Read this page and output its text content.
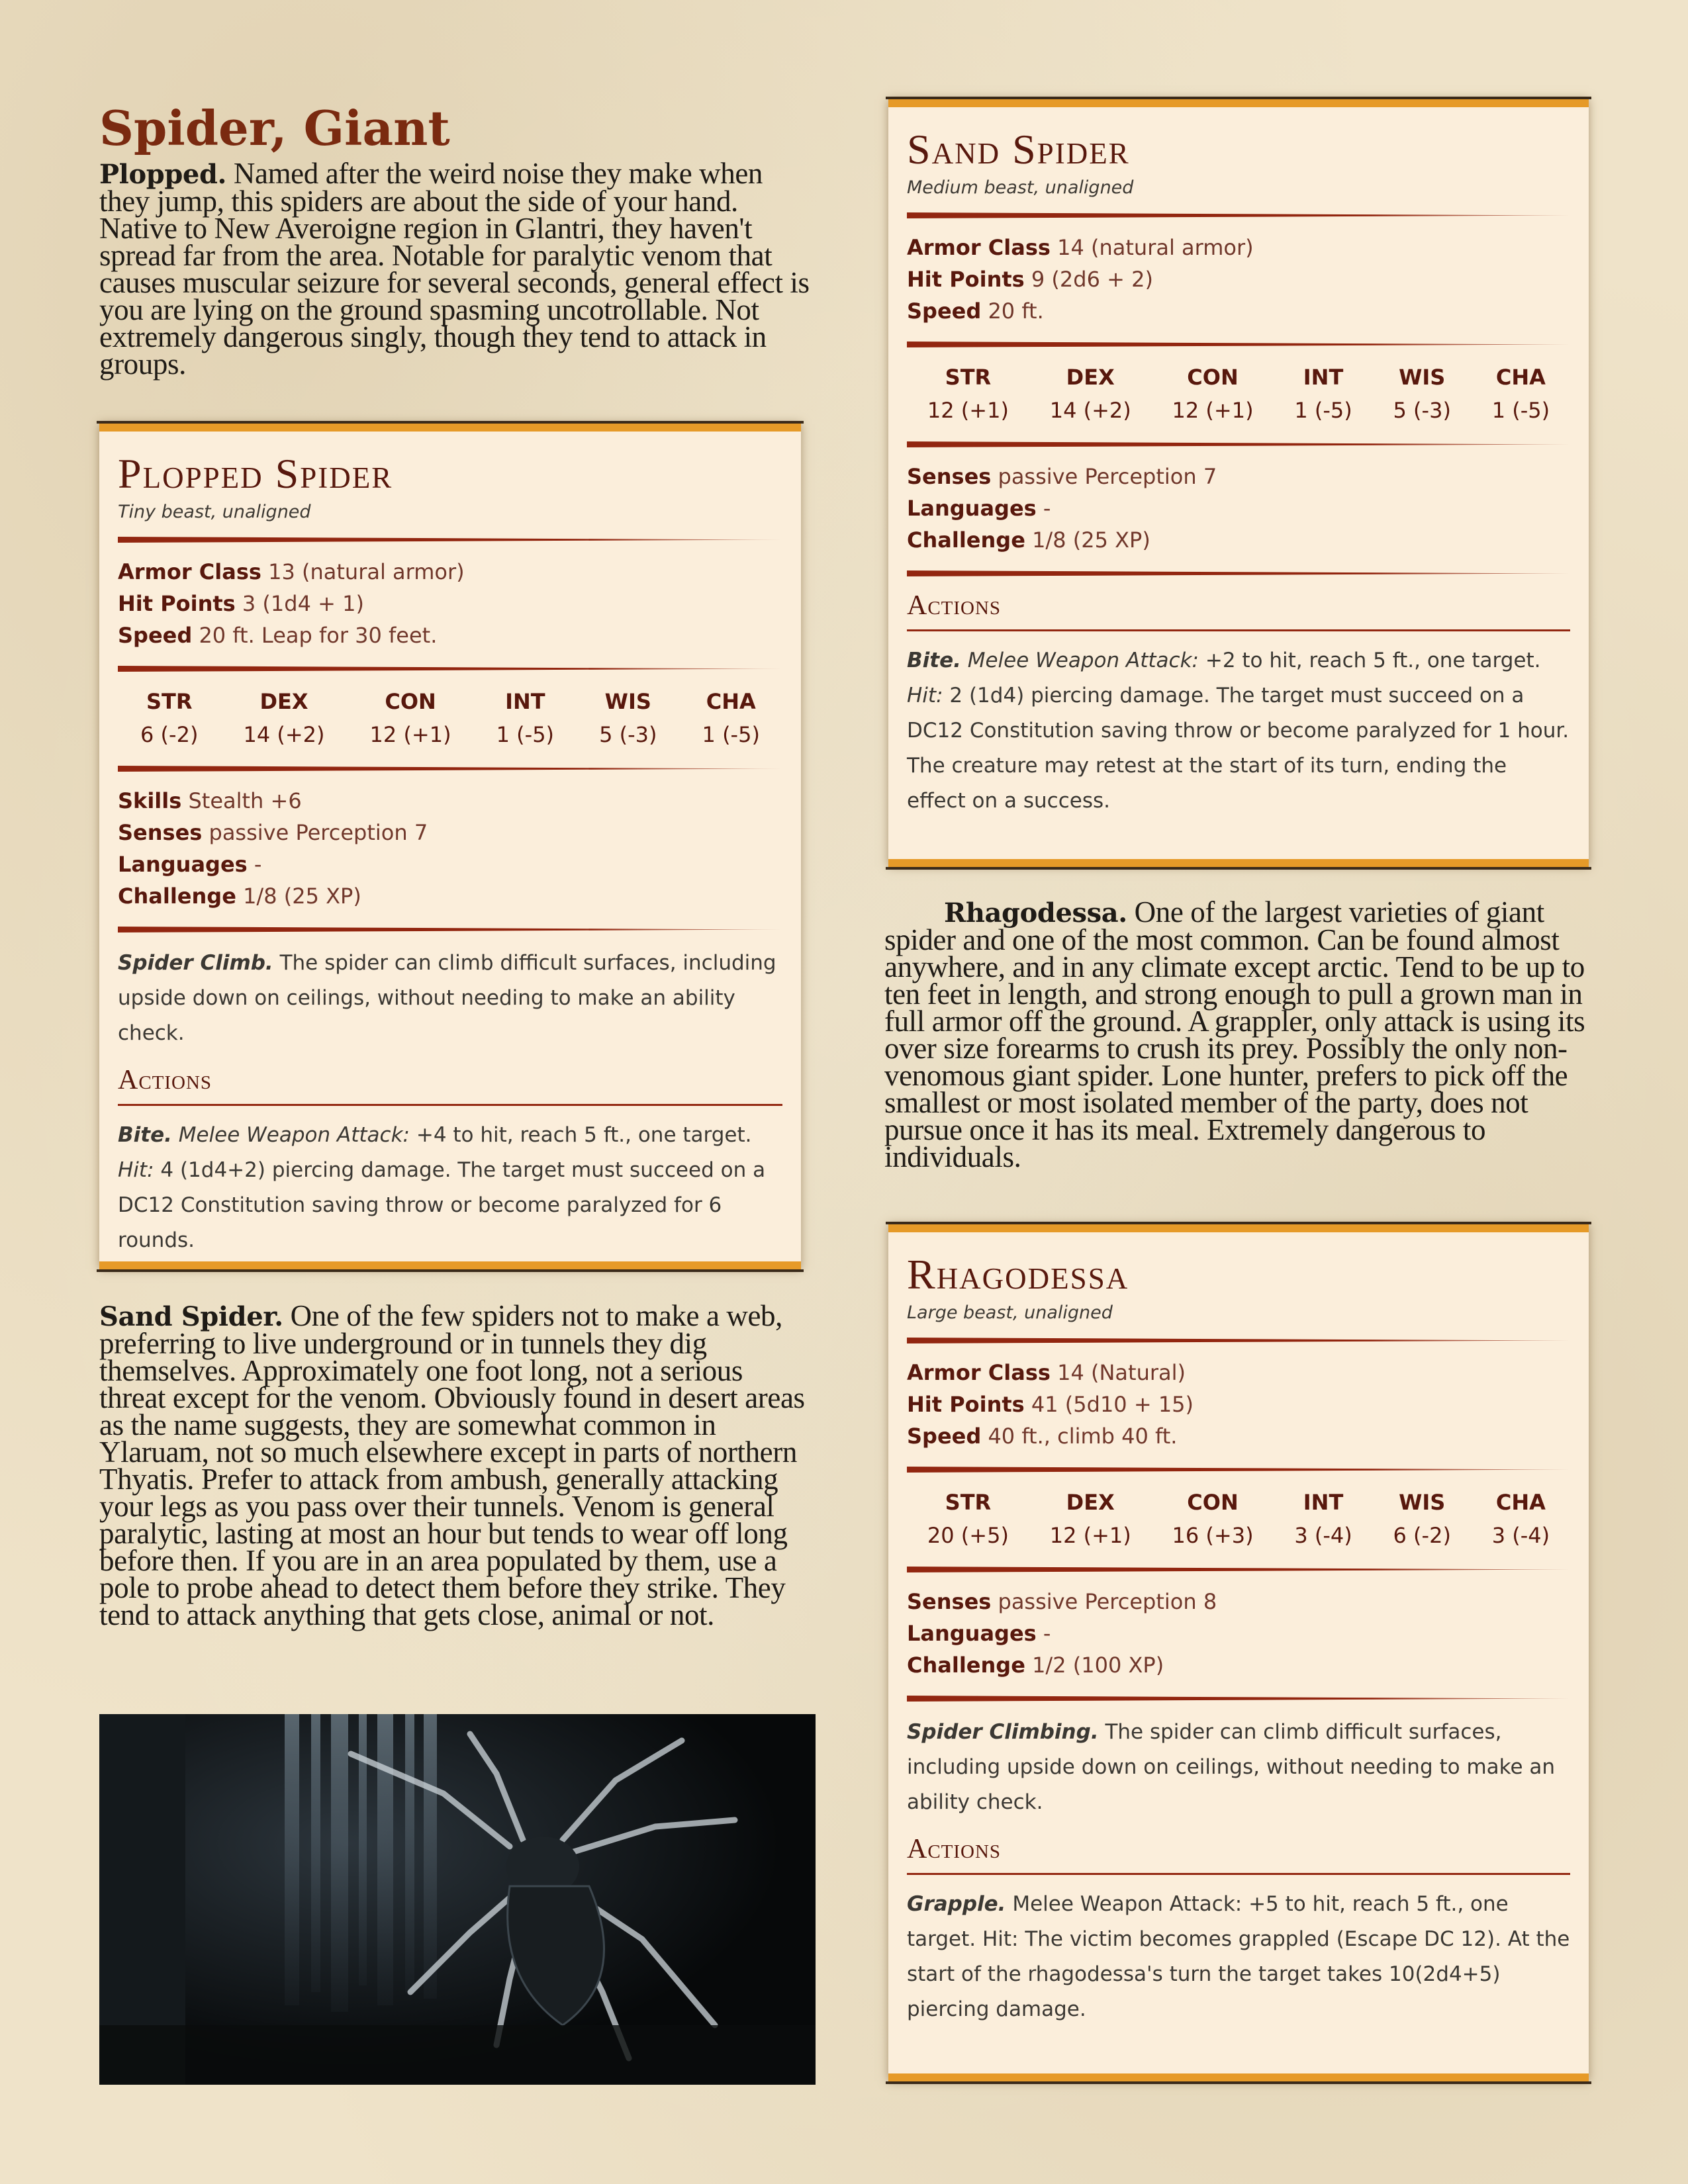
Spider, Giant

Plopped. Named after the weird noise they make when they jump, this spiders are about the side of your hand. Native to New Averoigne region in Glantri, they haven't spread far from the area. Notable for paralytic venom that causes muscular seizure for several seconds, general effect is you are lying on the ground spasming uncotrollable. Not extremely dangerous singly, though they tend to attack in groups.

Plopped Spider
Tiny beast, unaligned
Armor Class 13 (natural armor)
Hit Points 3 (1d4 + 1)
Speed 20 ft. Leap for 30 feet.
STR
6 (-2)
DEX
14 (+2)
CON
12 (+1)
INT
1 (-5)
WIS
5 (-3)
CHA
1 (-5)
Skills Stealth +6
Senses passive Perception 7
Languages -
Challenge 1/8 (25 XP)
Spider Climb. The spider can climb difficult surfaces, including upside down on ceilings, without needing to make an ability check.
Actions
Bite. Melee Weapon Attack: +4 to hit, reach 5 ft., one target. Hit: 4 (1d4+2) piercing damage. The target must succeed on a DC12 Constitution saving throw or become paralyzed for 6 rounds.

Sand Spider. One of the few spiders not to make a web, preferring to live underground or in tunnels they dig themselves. Approximately one foot long, not a serious threat except for the venom. Obviously found in desert areas as the name suggests, they are somewhat common in Ylaruam, not so much elsewhere except in parts of northern Thyatis. Prefer to attack from ambush, generally attacking your legs as you pass over their tunnels. Venom is general paralytic, lasting at most an hour but tends to wear off long before then. If you are in an area populated by them, use a pole to probe ahead to detect them before they strike. They tend to attack anything that gets close, animal or not.

Sand Spider
Medium beast, unaligned
Armor Class 14 (natural armor)
Hit Points 9 (2d6 + 2)
Speed 20 ft.
STR
12 (+1)
DEX
14 (+2)
CON
12 (+1)
INT
1 (-5)
WIS
5 (-3)
CHA
1 (-5)
Senses passive Perception 7
Languages -
Challenge 1/8 (25 XP)
Actions
Bite. Melee Weapon Attack: +2 to hit, reach 5 ft., one target. Hit: 2 (1d4) piercing damage. The target must succeed on a DC12 Constitution saving throw or become paralyzed for 1 hour. The creature may retest at the start of its turn, ending the effect on a success.

Rhagodessa. One of the largest varieties of giant spider and one of the most common. Can be found almost anywhere, and in any climate except arctic. Tend to be up to ten feet in length, and strong enough to pull a grown man in full armor off the ground. A grappler, only attack is using its over size forearms to crush its prey. Possibly the only non-venomous giant spider. Lone hunter, prefers to pick off the smallest or most isolated member of the party, does not pursue once it has its meal. Extremely dangerous to individuals.

Rhagodessa
Large beast, unaligned
Armor Class 14 (Natural)
Hit Points 41 (5d10 + 15)
Speed 40 ft., climb 40 ft.
STR
20 (+5)
DEX
12 (+1)
CON
16 (+3)
INT
3 (-4)
WIS
6 (-2)
CHA
3 (-4)
Senses passive Perception 8
Languages -
Challenge 1/2 (100 XP)
Spider Climbing. The spider can climb difficult surfaces, including upside down on ceilings, without needing to make an ability check.
Actions
Grapple. Melee Weapon Attack: +5 to hit, reach 5 ft., one target. Hit: The victim becomes grappled (Escape DC 12). At the start of the rhagodessa's turn the target takes 10(2d4+5) piercing damage.
